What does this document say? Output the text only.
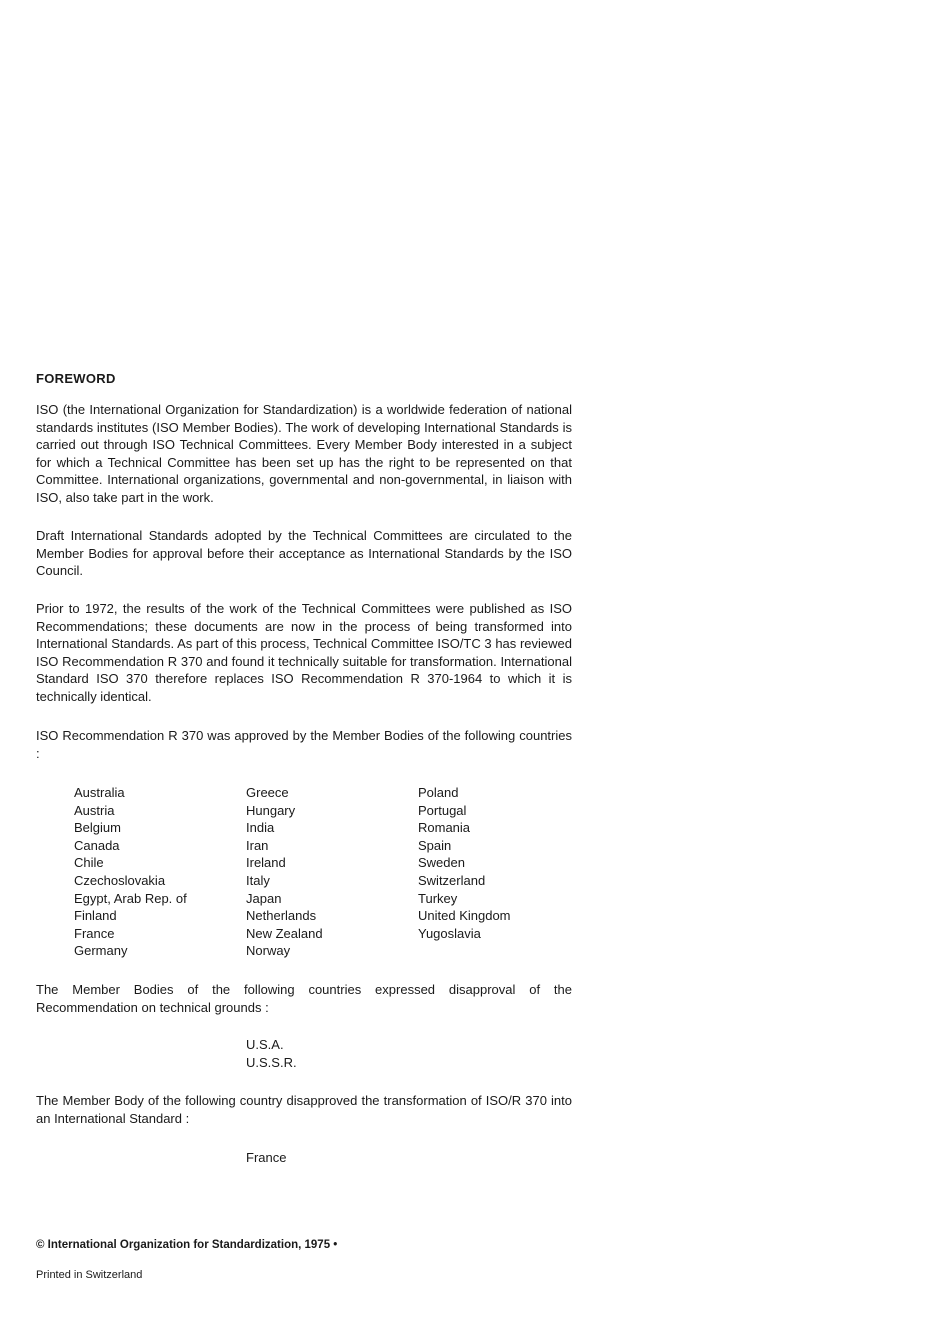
FOREWORD

ISO (the International Organization for Standardization) is a worldwide federation of national standards institutes (ISO Member Bodies). The work of developing International Standards is carried out through ISO Technical Committees. Every Member Body interested in a subject for which a Technical Committee has been set up has the right to be represented on that Committee. International organizations, governmental and non-governmental, in liaison with ISO, also take part in the work.

Draft International Standards adopted by the Technical Committees are circulated to the Member Bodies for approval before their acceptance as International Standards by the ISO Council.

Prior to 1972, the results of the work of the Technical Committees were published as ISO Recommendations; these documents are now in the process of being transformed into International Standards. As part of this process, Technical Committee ISO/TC 3 has reviewed ISO Recommendation R 370 and found it technically suitable for transformation. International Standard ISO 370 therefore replaces ISO Recommendation R 370-1964 to which it is technically identical.

ISO Recommendation R 370 was approved by the Member Bodies of the following countries :

Australia
Austria
Belgium
Canada
Chile
Czechoslovakia
Egypt, Arab Rep. of
Finland
France
Germany
Greece
Hungary
India
Iran
Ireland
Italy
Japan
Netherlands
New Zealand
Norway
Poland
Portugal
Romania
Spain
Sweden
Switzerland
Turkey
United Kingdom
Yugoslavia

The Member Bodies of the following countries expressed disapproval of the Recommendation on technical grounds :

U.S.A.
U.S.S.R.

The Member Body of the following country disapproved the transformation of ISO/R 370 into an International Standard :

France
© International Organization for Standardization, 1975 •
Printed in Switzerland
